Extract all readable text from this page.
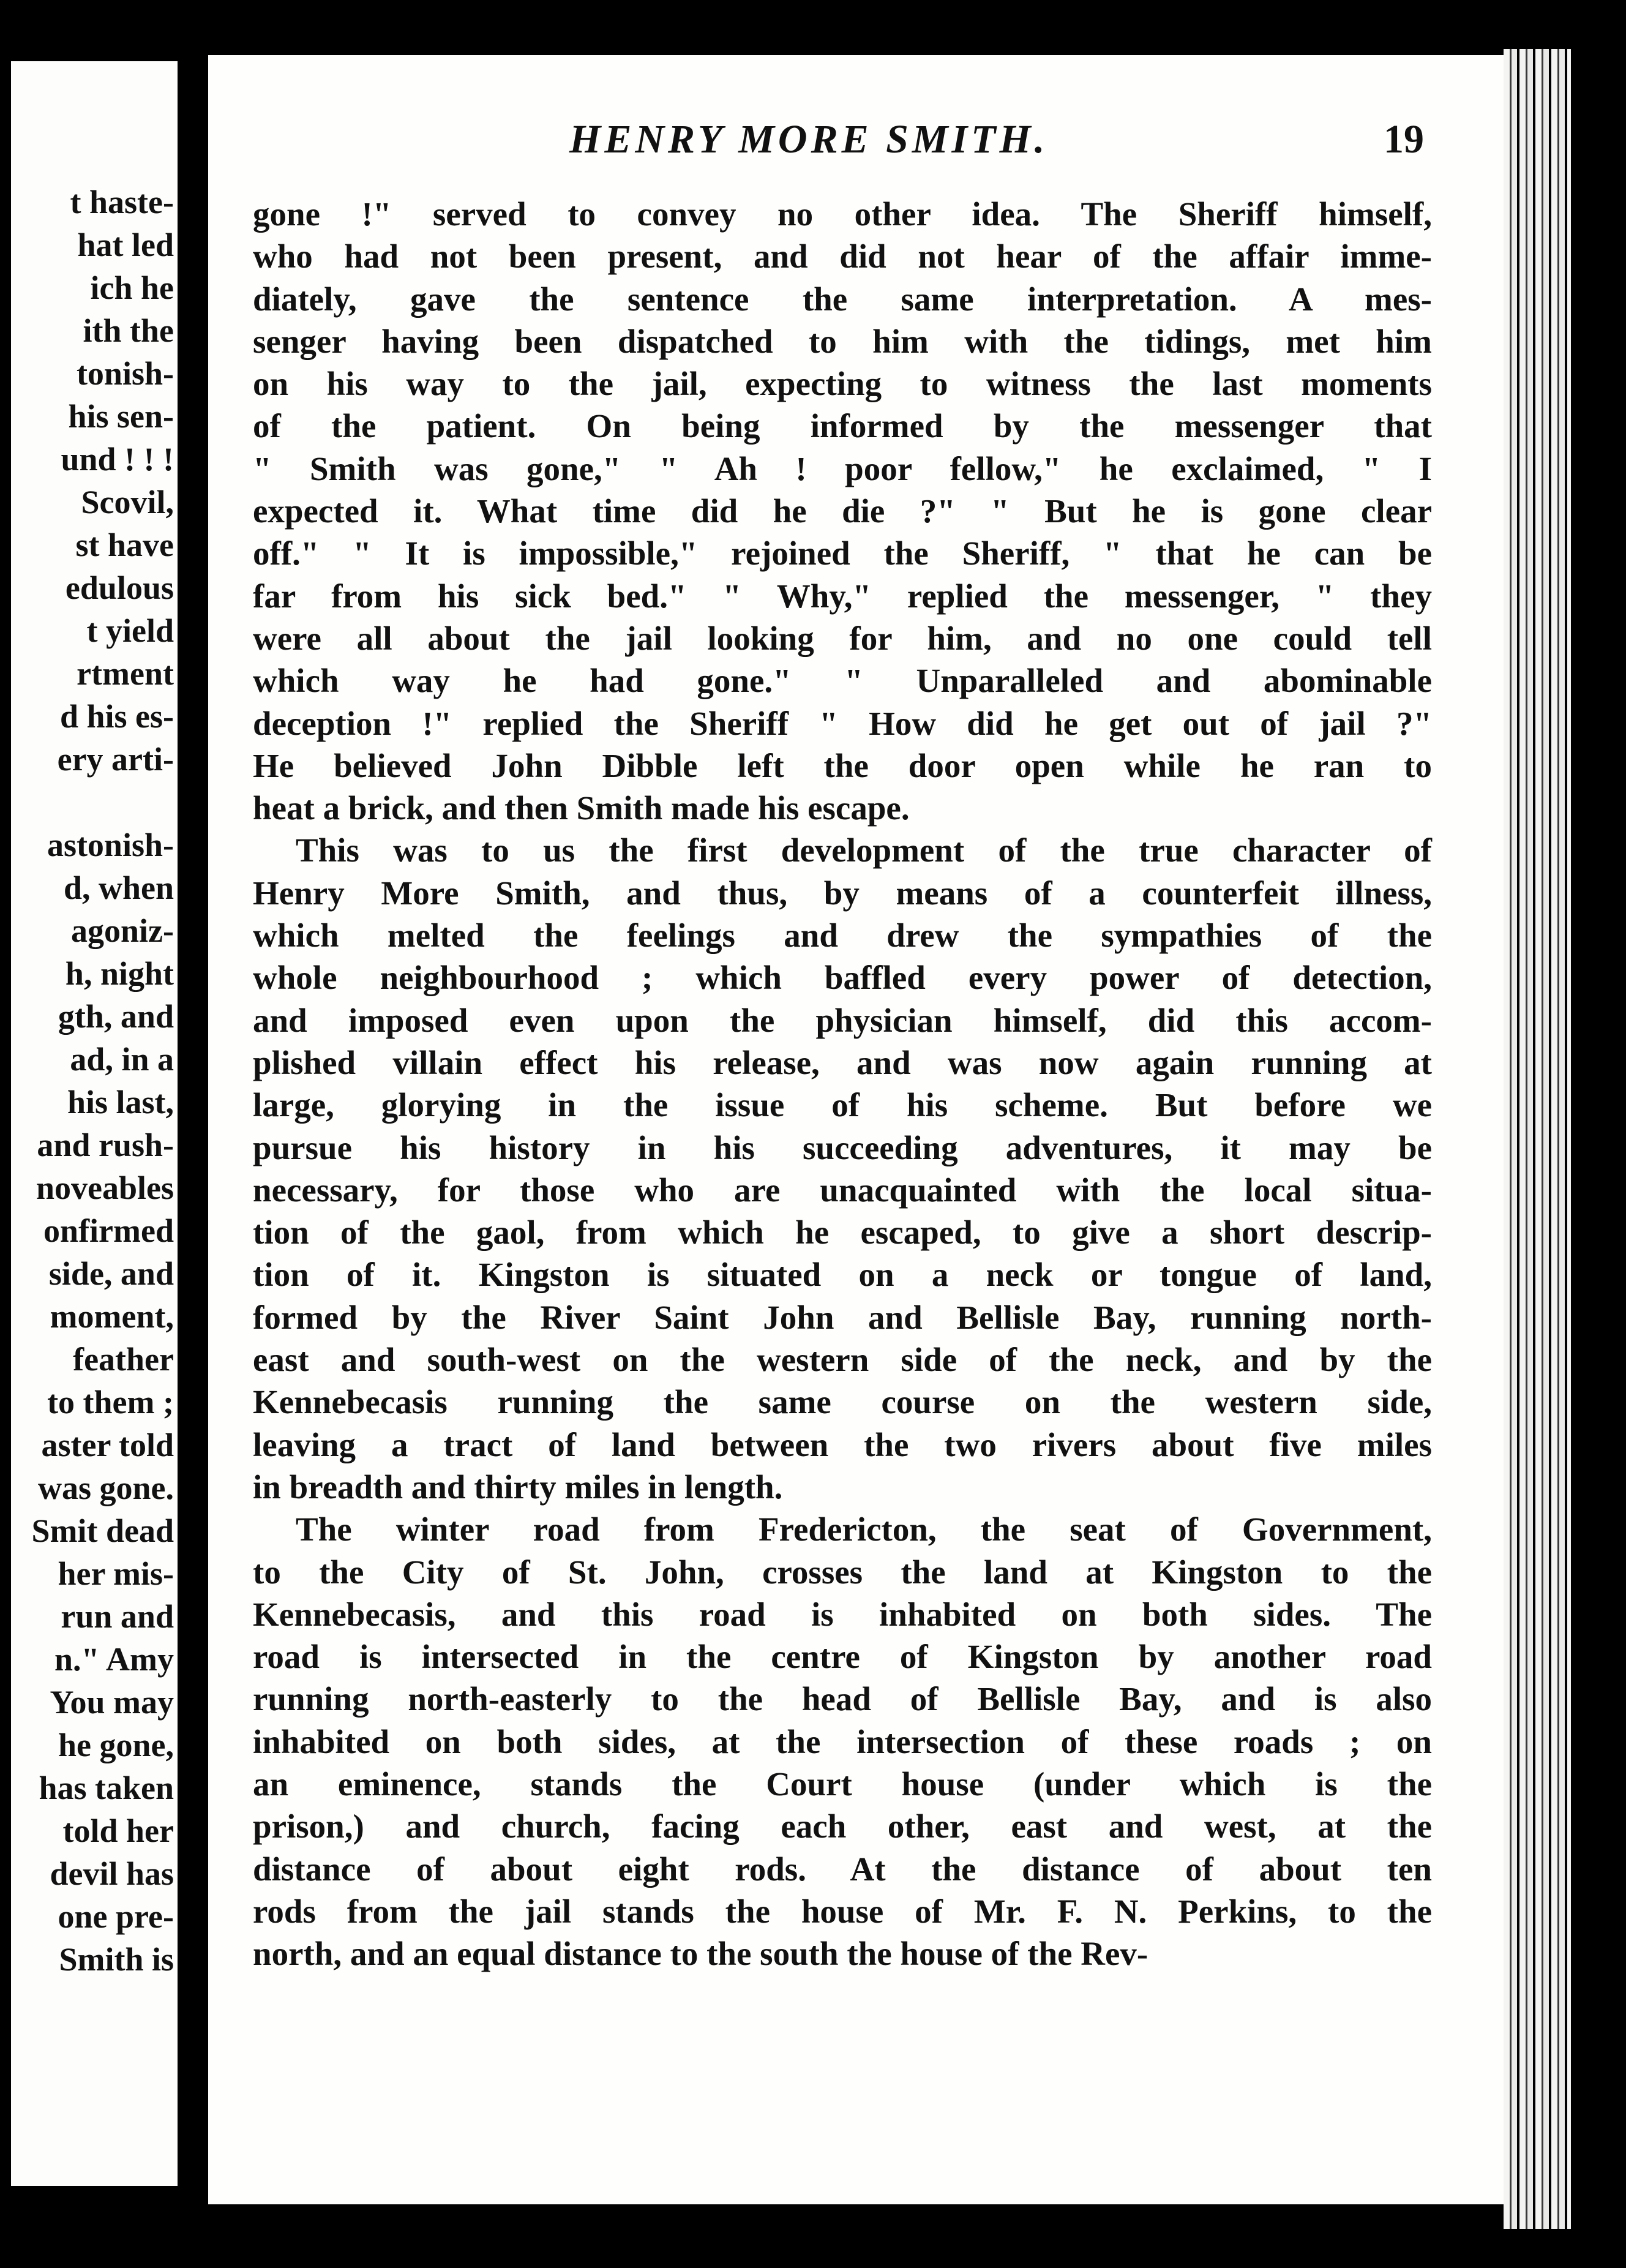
t haste-
hat led
ich he
ith the
tonish-
his sen-
und ! ! !
Scovil,
st have
edulous
t yield
rtment
d his es-
ery arti-

astonish-
d, when
agoniz-
h, night
gth, and
ad, in a
his last,
and rush-
noveables
onfirmed
side, and
moment,
feather
to them ;
aster told
was gone.
Smit dead
her mis-
run and
n." Amy
You may
he gone,
has taken
told her
devil has
one pre-
Smith is
HENRY MORE SMITH.	19
gone !" served to convey no other idea. The Sheriff himself,
who had not been present, and did not hear of the affair imme-
diately, gave the sentence the same interpretation. A mes-
senger having been dispatched to him with the tidings, met him
on his way to the jail, expecting to witness the last moments
of the patient. On being informed by the messenger that
" Smith was gone," " Ah ! poor fellow," he exclaimed, " I
expected it. What time did he die ?" " But he is gone clear
off." " It is impossible," rejoined the Sheriff, " that he can be
far from his sick bed." " Why," replied the messenger, " they
were all about the jail looking for him, and no one could tell
which way he had gone." " Unparalleled and abominable
deception !" replied the Sheriff " How did he get out of jail ?"
He believed John Dibble left the door open while he ran to
heat a brick, and then Smith made his escape.
This was to us the first development of the true character of
Henry More Smith, and thus, by means of a counterfeit illness,
which melted the feelings and drew the sympathies of the
whole neighbourhood ; which baffled every power of detection,
and imposed even upon the physician himself, did this accom-
plished villain effect his release, and was now again running at
large, glorying in the issue of his scheme. But before we
pursue his history in his succeeding adventures, it may be
necessary, for those who are unacquainted with the local situa-
tion of the gaol, from which he escaped, to give a short descrip-
tion of it. Kingston is situated on a neck or tongue of land,
formed by the River Saint John and Bellisle Bay, running north-
east and south-west on the western side of the neck, and by the
Kennebecasis running the same course on the western side,
leaving a tract of land between the two rivers about five miles
in breadth and thirty miles in length.
The winter road from Fredericton, the seat of Government,
to the City of St. John, crosses the land at Kingston to the
Kennebecasis, and this road is inhabited on both sides. The
road is intersected in the centre of Kingston by another road
running north-easterly to the head of Bellisle Bay, and is also
inhabited on both sides, at the intersection of these roads ; on
an eminence, stands the Court house (under which is the
prison,) and church, facing each other, east and west, at the
distance of about eight rods. At the distance of about ten
rods from the jail stands the house of Mr. F. N. Perkins, to the
north, and an equal distance to the south the house of the Rev-
